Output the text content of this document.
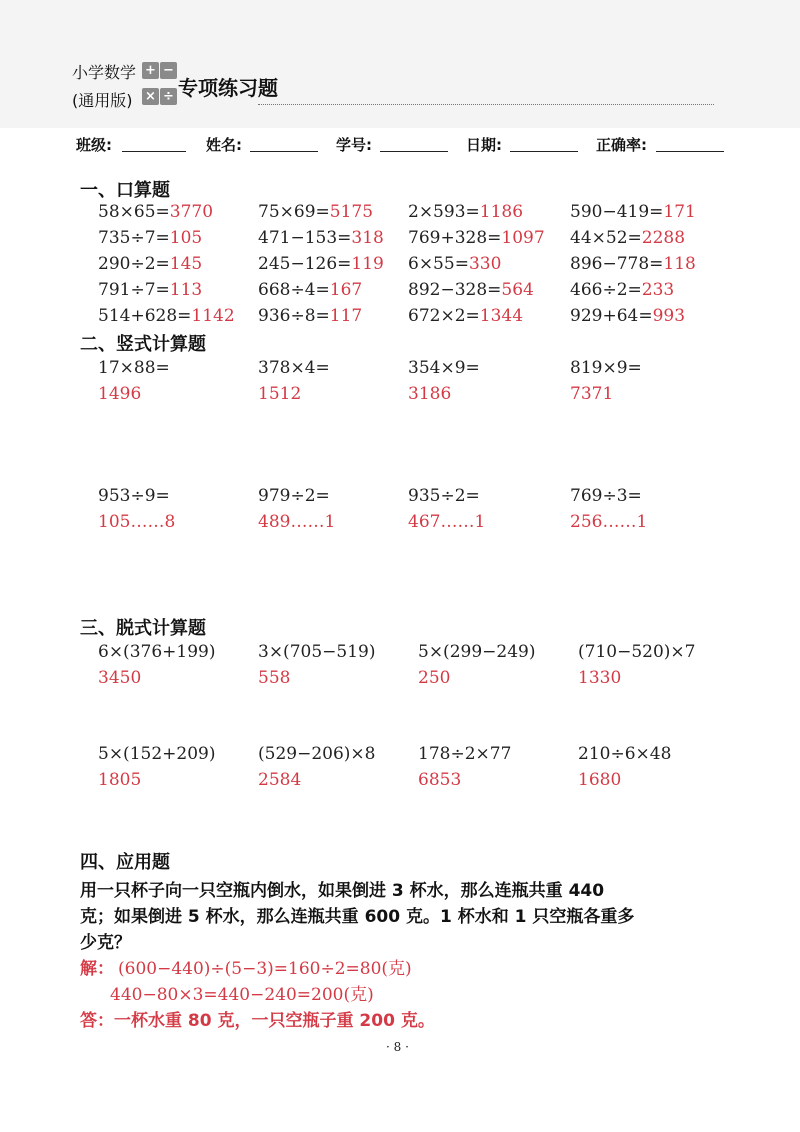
小学数学
(通用版)
+ −
× ÷ 专项练习题
班级:	姓名:	学号:	日期:	正确率:
一、口算题
58×65=3770	75×69=5175 2×593=1186	590−419=171
735÷7=105	471−153=318 769+328=1097 44×52=2288
290÷2=145	245−126=119 6×55=330	896−778=118
791÷7=113	668÷4=167	892−328=564 466÷2=233
514+628=1142 936÷8=117	672×2=1344	929+64=993
二、竖式计算题
17×88=	378×4=	354×9=	819×9=
1496	1512	3186	7371
953÷9=	979÷2=	935÷2=	769÷3=
105……8	489……1	467……1	256……1
三、脱式计算题
6×(376+199)	3×(705−519)	5×(299−249)	(710−520)×7
3450	558	250	1330
5×(152+209)	(529−206)×8	178÷2×77	210÷6×48
1805	2584	6853	1680
四、应用题
用一只杯子向一只空瓶内倒水，如果倒进 3 杯水，那么连瓶共重 440
克；如果倒进 5 杯水，那么连瓶共重 600 克。1 杯水和 1 只空瓶各重多
少克？
解： (600−440)÷(5−3)=160÷2=80(克)
440−80×3=440−240=200(克)
答：一杯水重 80 克，一只空瓶子重 200 克。
· 8 ·
